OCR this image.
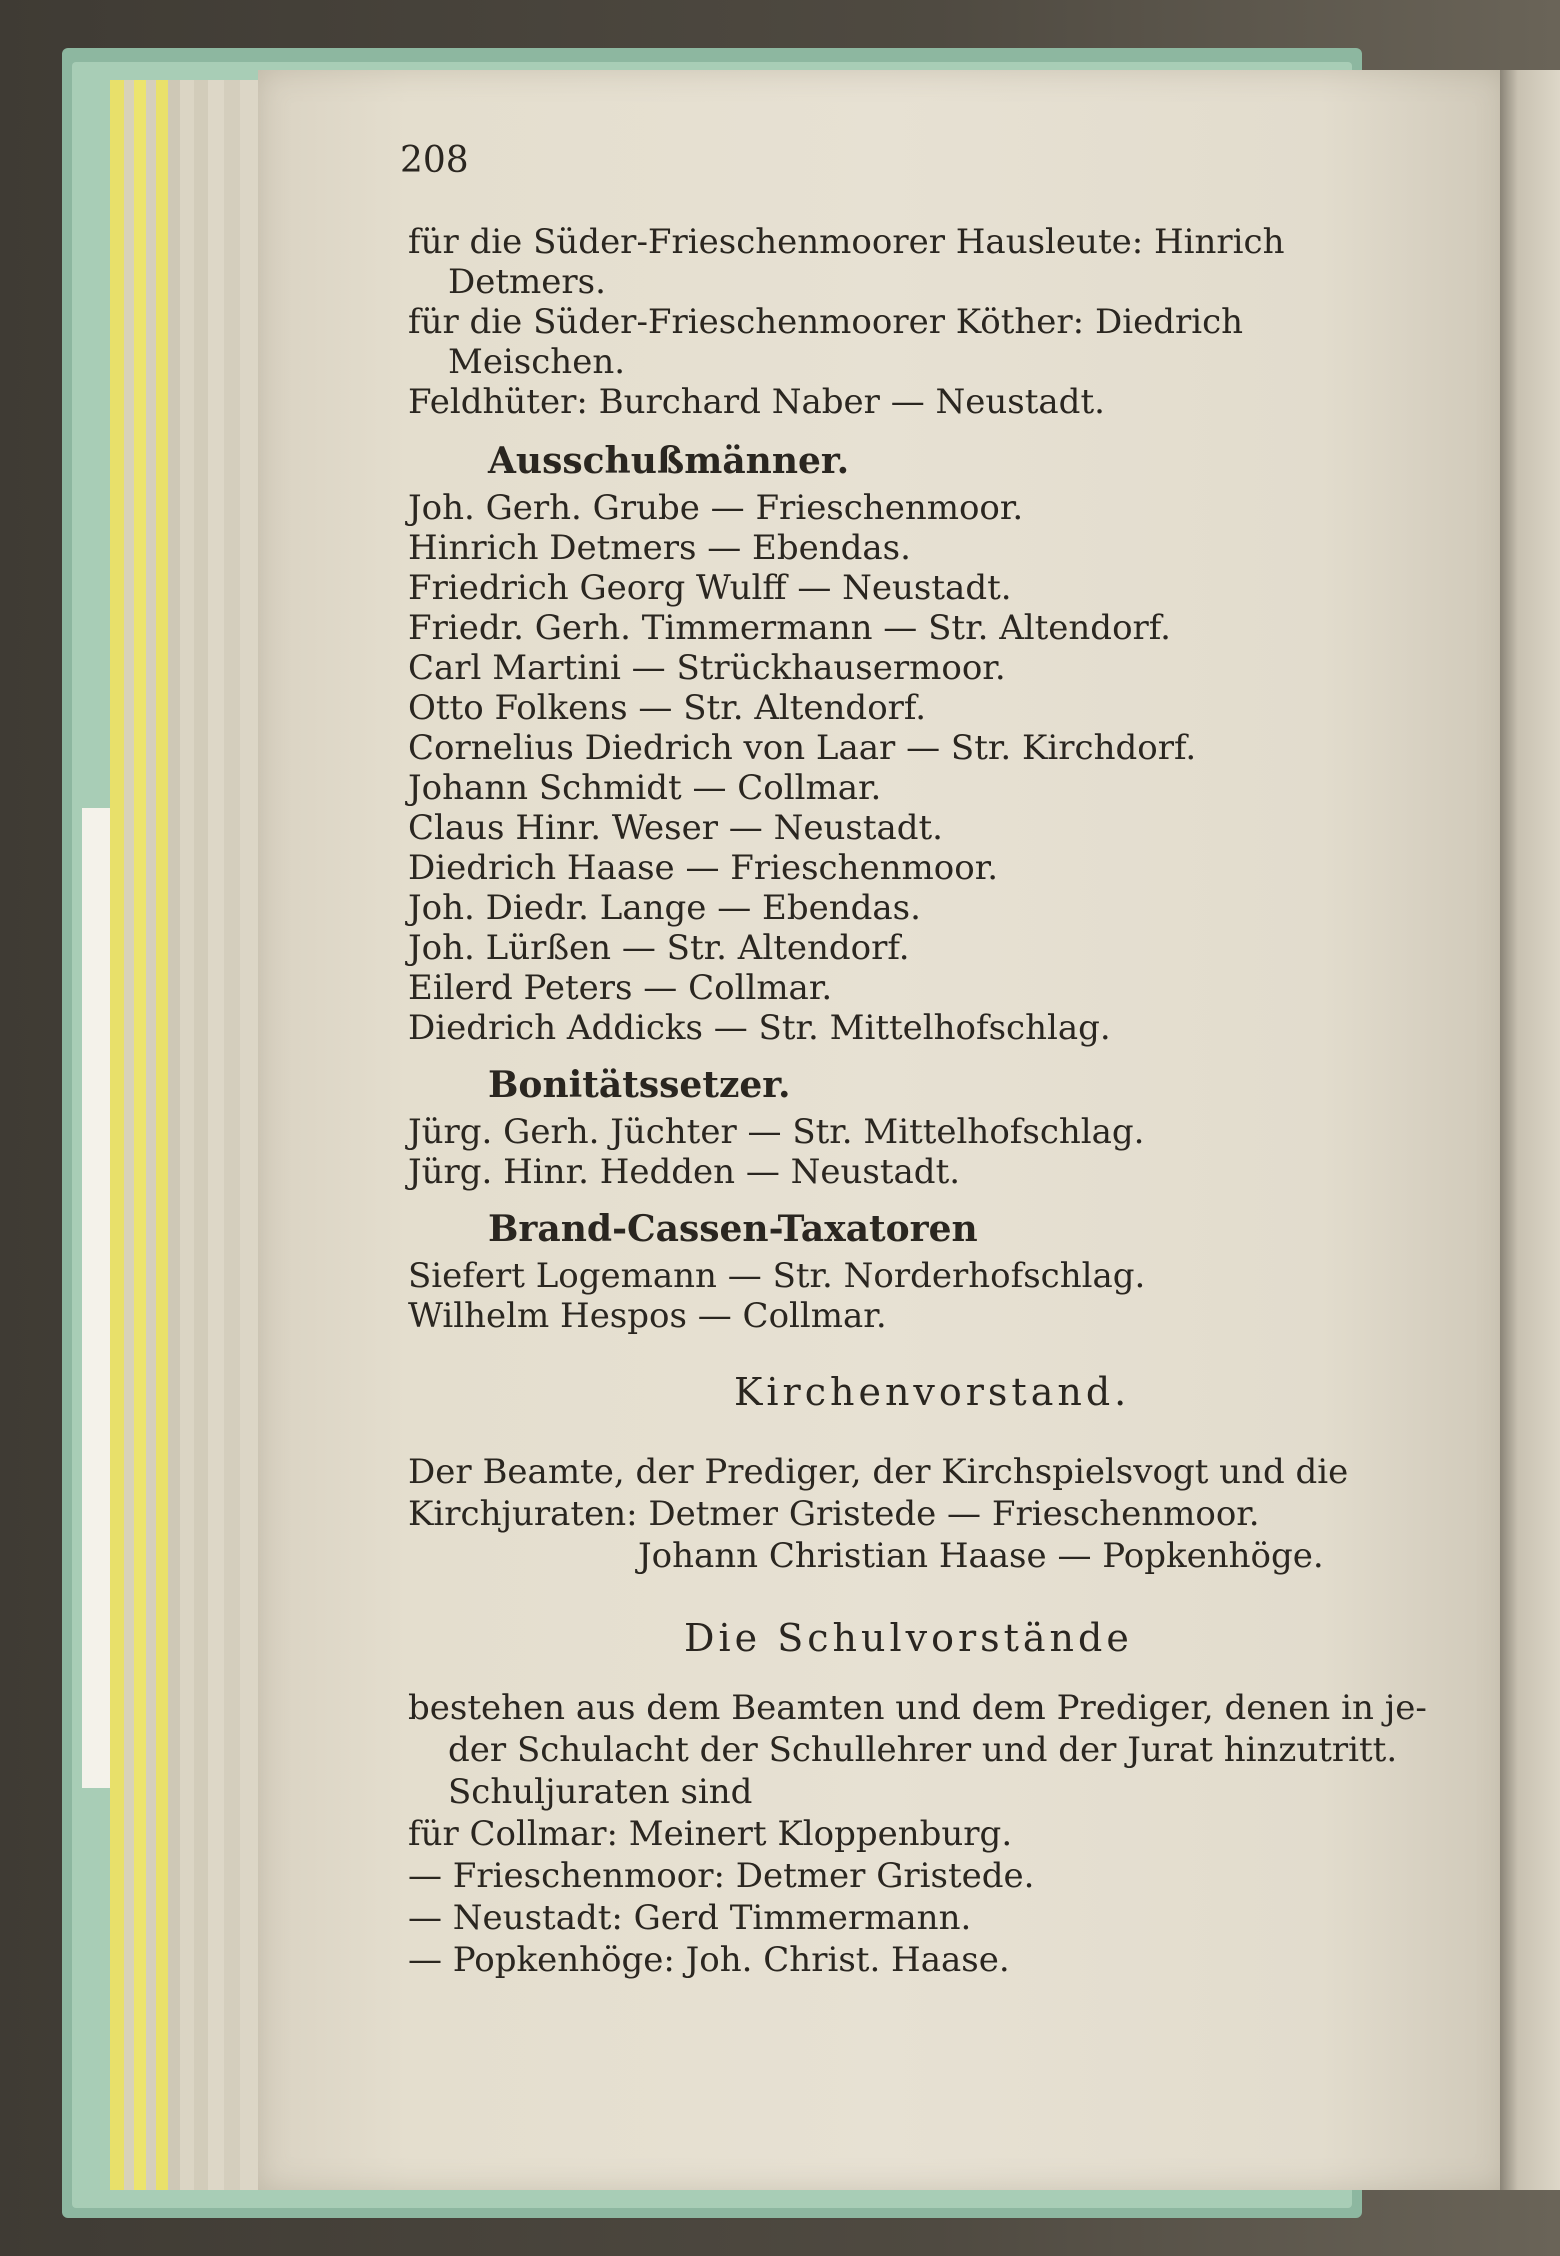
208
für die Süder-Frieschenmoorer Hausleute: Hinrich
Detmers.
für die Süder-Frieschenmoorer Köther: Diedrich
Meischen.
Feldhüter: Burchard Naber — Neustadt.
Ausschußmänner.
Joh. Gerh. Grube — Frieschenmoor.
Hinrich Detmers — Ebendas.
Friedrich Georg Wulff — Neustadt.
Friedr. Gerh. Timmermann — Str. Altendorf.
Carl Martini — Strückhausermoor.
Otto Folkens — Str. Altendorf.
Cornelius Diedrich von Laar — Str. Kirchdorf.
Johann Schmidt — Collmar.
Claus Hinr. Weser — Neustadt.
Diedrich Haase — Frieschenmoor.
Joh. Diedr. Lange — Ebendas.
Joh. Lürßen — Str. Altendorf.
Eilerd Peters — Collmar.
Diedrich Addicks — Str. Mittelhofschlag.
Bonitätssetzer.
Jürg. Gerh. Jüchter — Str. Mittelhofschlag.
Jürg. Hinr. Hedden — Neustadt.
Brand-Cassen-Taxatoren
Siefert Logemann — Str. Norderhofschlag.
Wilhelm Hespos — Collmar.
Kirchenvorstand.
Der Beamte, der Prediger, der Kirchspielsvogt und die
Kirchjuraten: Detmer Gristede — Frieschenmoor.
Johann Christian Haase — Popkenhöge.
Die Schulvorstände
bestehen aus dem Beamten und dem Prediger, denen in je-
der Schulacht der Schullehrer und der Jurat hinzutritt.
Schuljuraten sind
für Collmar: Meinert Kloppenburg.
— Frieschenmoor: Detmer Gristede.
— Neustadt: Gerd Timmermann.
— Popkenhöge: Joh. Christ. Haase.
